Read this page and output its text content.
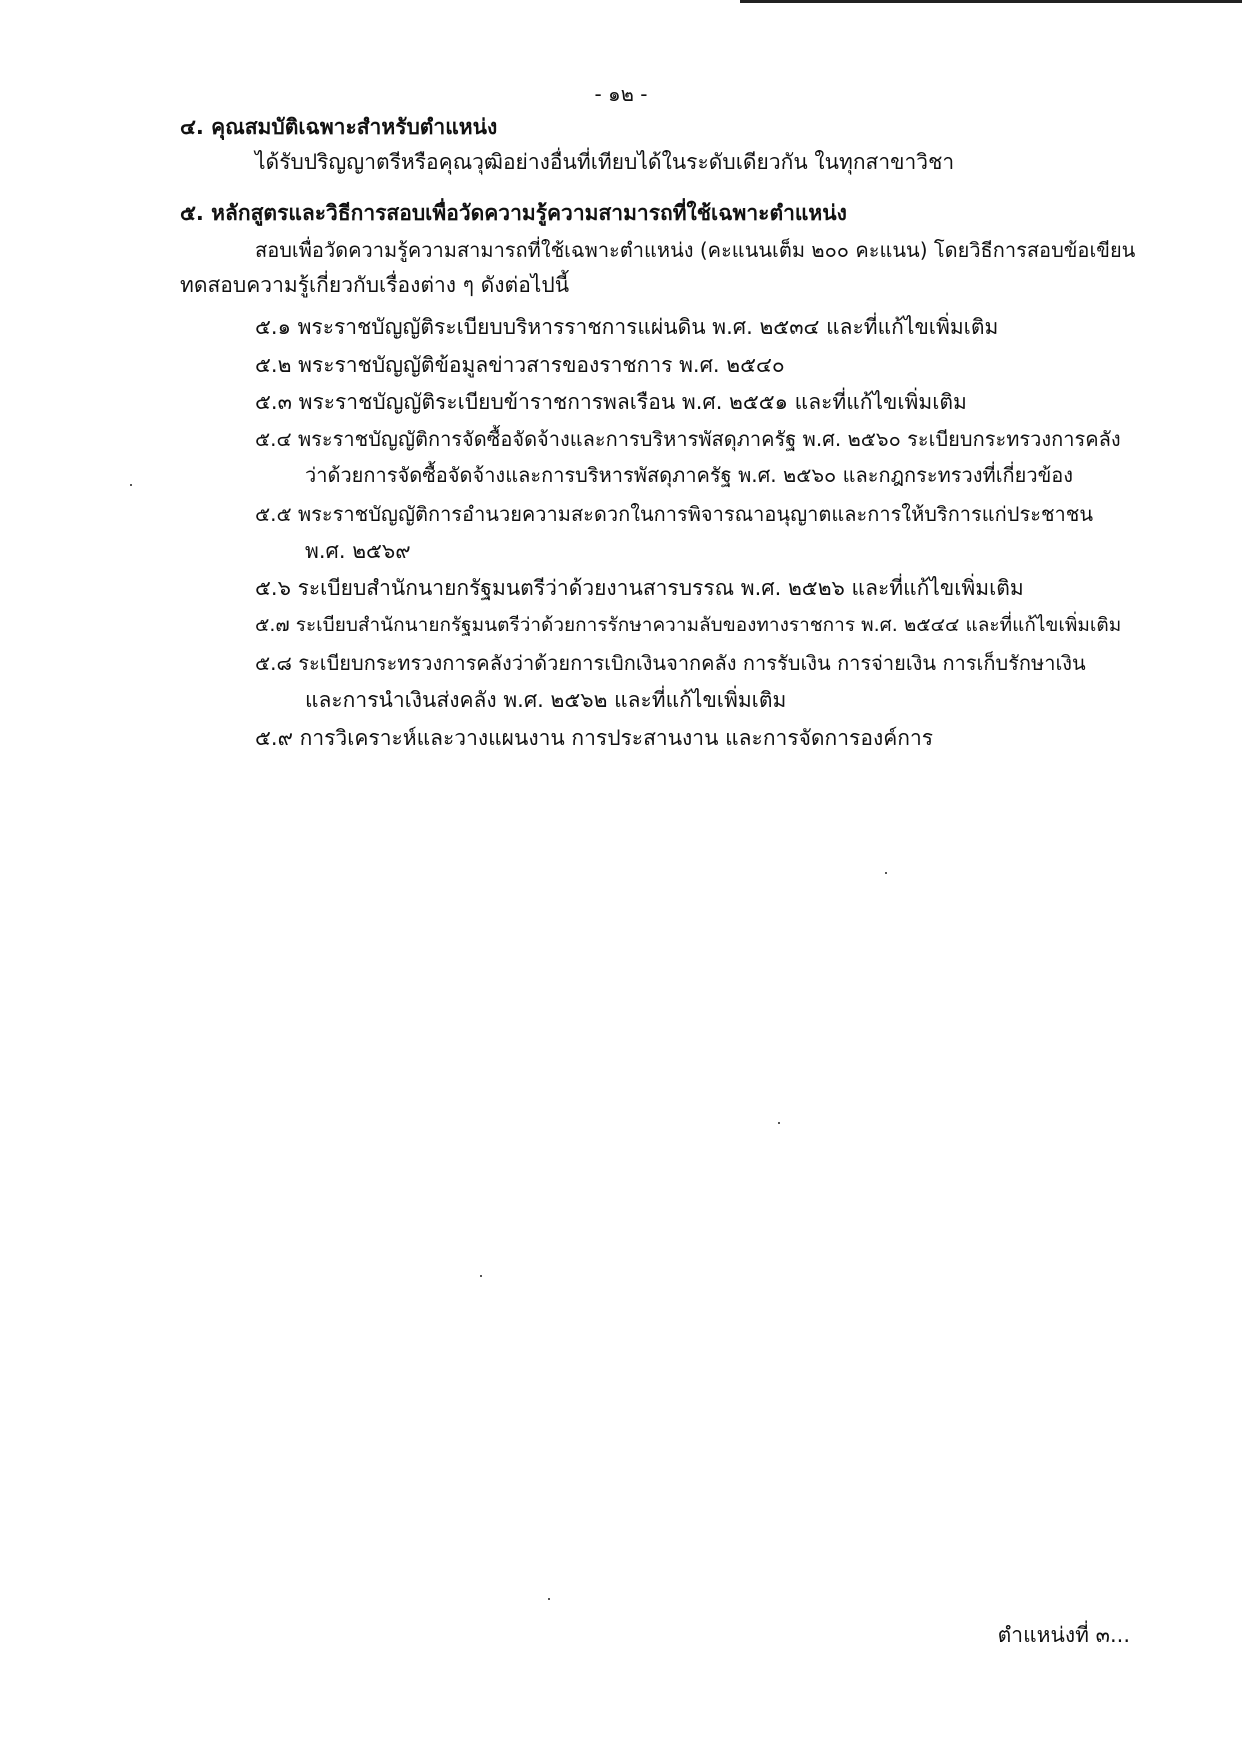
- ๑๒ -
๔. คุณสมบัติเฉพาะสำหรับตำแหน่ง
ได้รับปริญญาตรีหรือคุณวุฒิอย่างอื่นที่เทียบได้ในระดับเดียวกัน ในทุกสาขาวิชา
๕. หลักสูตรและวิธีการสอบเพื่อวัดความรู้ความสามารถที่ใช้เฉพาะตำแหน่ง
สอบเพื่อวัดความรู้ความสามารถที่ใช้เฉพาะตำแหน่ง (คะแนนเต็ม ๒๐๐ คะแนน) โดยวิธีการสอบข้อเขียน
ทดสอบความรู้เกี่ยวกับเรื่องต่าง ๆ ดังต่อไปนี้
๕.๑ พระราชบัญญัติระเบียบบริหารราชการแผ่นดิน พ.ศ. ๒๕๓๔ และที่แก้ไขเพิ่มเติม
๕.๒ พระราชบัญญัติข้อมูลข่าวสารของราชการ พ.ศ. ๒๕๔๐
๕.๓ พระราชบัญญัติระเบียบข้าราชการพลเรือน พ.ศ. ๒๕๕๑ และที่แก้ไขเพิ่มเติม
๕.๔ พระราชบัญญัติการจัดซื้อจัดจ้างและการบริหารพัสดุภาครัฐ พ.ศ. ๒๕๖๐ ระเบียบกระทรวงการคลัง
ว่าด้วยการจัดซื้อจัดจ้างและการบริหารพัสดุภาครัฐ พ.ศ. ๒๕๖๐ และกฎกระทรวงที่เกี่ยวข้อง
๕.๕ พระราชบัญญัติการอำนวยความสะดวกในการพิจารณาอนุญาตและการให้บริการแก่ประชาชน
พ.ศ. ๒๕๖๙
๕.๖ ระเบียบสำนักนายกรัฐมนตรีว่าด้วยงานสารบรรณ พ.ศ. ๒๕๒๖ และที่แก้ไขเพิ่มเติม
๕.๗ ระเบียบสำนักนายกรัฐมนตรีว่าด้วยการรักษาความลับของทางราชการ พ.ศ. ๒๕๔๔ และที่แก้ไขเพิ่มเติม
๕.๘ ระเบียบกระทรวงการคลังว่าด้วยการเบิกเงินจากคลัง การรับเงิน การจ่ายเงิน การเก็บรักษาเงิน
และการนำเงินส่งคลัง พ.ศ. ๒๕๖๒ และที่แก้ไขเพิ่มเติม
๕.๙ การวิเคราะห์และวางแผนงาน การประสานงาน และการจัดการองค์การ
ตำแหน่งที่ ๓...
